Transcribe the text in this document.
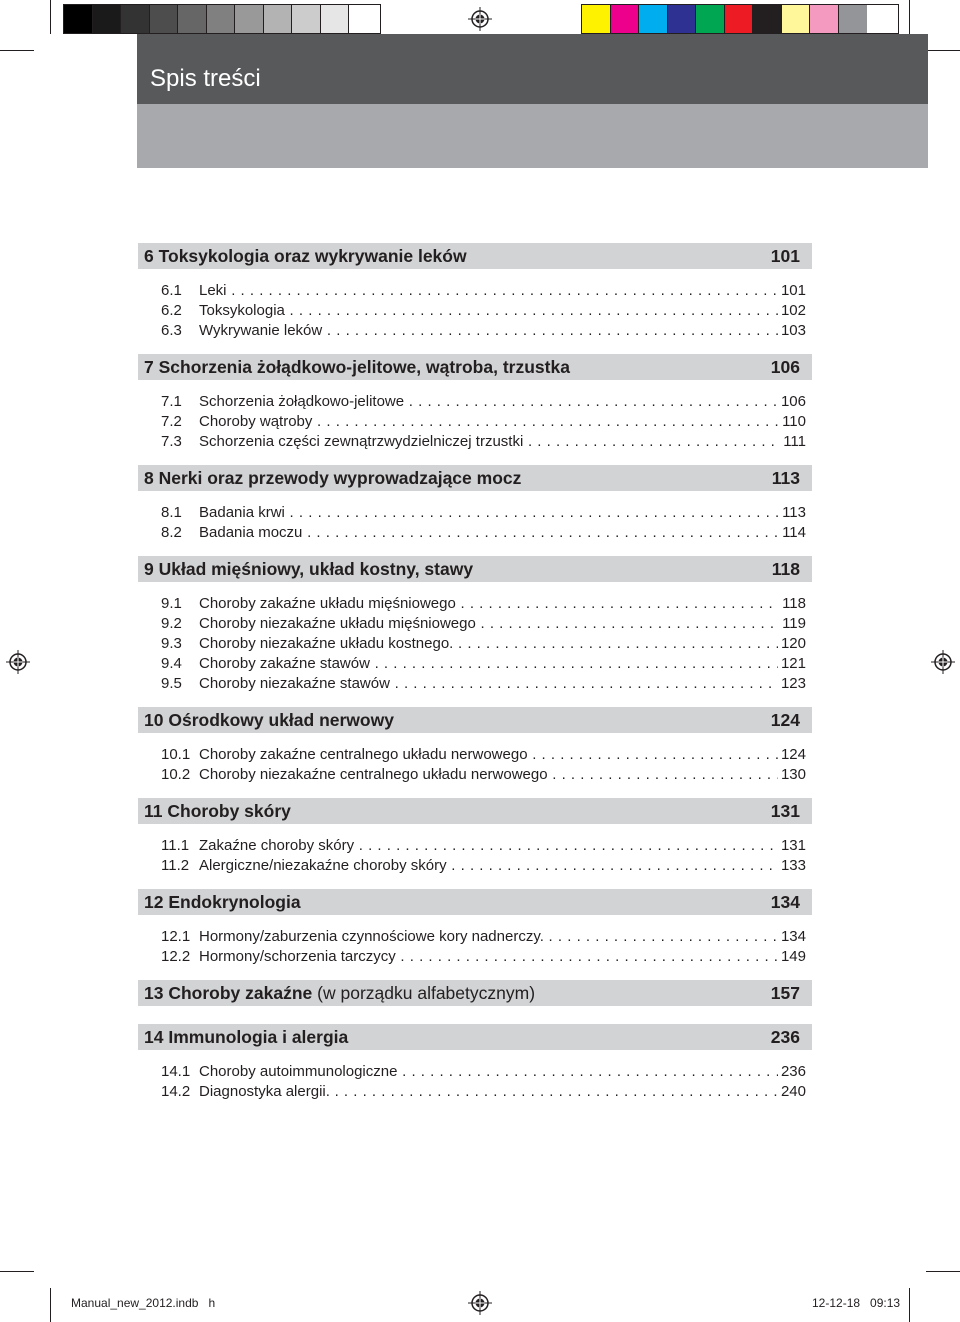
Spis treści
6 Toksykologia oraz wykrywanie leków	101
6.1 Leki . . .	101
6.2 Toksykologia . . .	102
6.3 Wykrywanie leków . . .	103
7 Schorzenia żołądkowo-jelitowe, wątroba, trzustka	106
7.1 Schorzenia żołądkowo-jelitowe . . .	106
7.2 Choroby wątroby . . .	110
7.3 Schorzenia części zewnątrzwydzielniczej trzustki . . .	111
8 Nerki oraz przewody wyprowadzające mocz	113
8.1 Badania krwi . . .	113
8.2 Badania moczu . . .	114
9 Układ mięśniowy, układ kostny, stawy	118
9.1 Choroby zakaźne układu mięśniowego . . .	118
9.2 Choroby niezakaźne układu mięśniowego . . .	119
9.3 Choroby niezakaźne układu kostnego. . . .	120
9.4 Choroby zakaźne stawów . . .	121
9.5 Choroby niezakaźne stawów . . .	123
10 Ośrodkowy układ nerwowy	124
10.1 Choroby zakaźne centralnego układu nerwowego . . .	124
10.2 Choroby niezakaźne centralnego układu nerwowego . . .	130
11 Choroby skóry	131
11.1 Zakaźne choroby skóry . . .	131
11.2 Alergiczne/niezakaźne choroby skóry . . .	133
12 Endokrynologia	134
12.1 Hormony/zaburzenia czynnościowe kory nadnerczy. . . .	134
12.2 Hormony/schorzenia tarczycy . . .	149
13 Choroby zakaźne (w porządku alfabetycznym)	157
14 Immunologia i alergia	236
14.1 Choroby autoimmunologiczne . . .	236
14.2 Diagnostyka alergii. . . .	240
Manual_new_2012.indb   h	12-12-18   09:13
